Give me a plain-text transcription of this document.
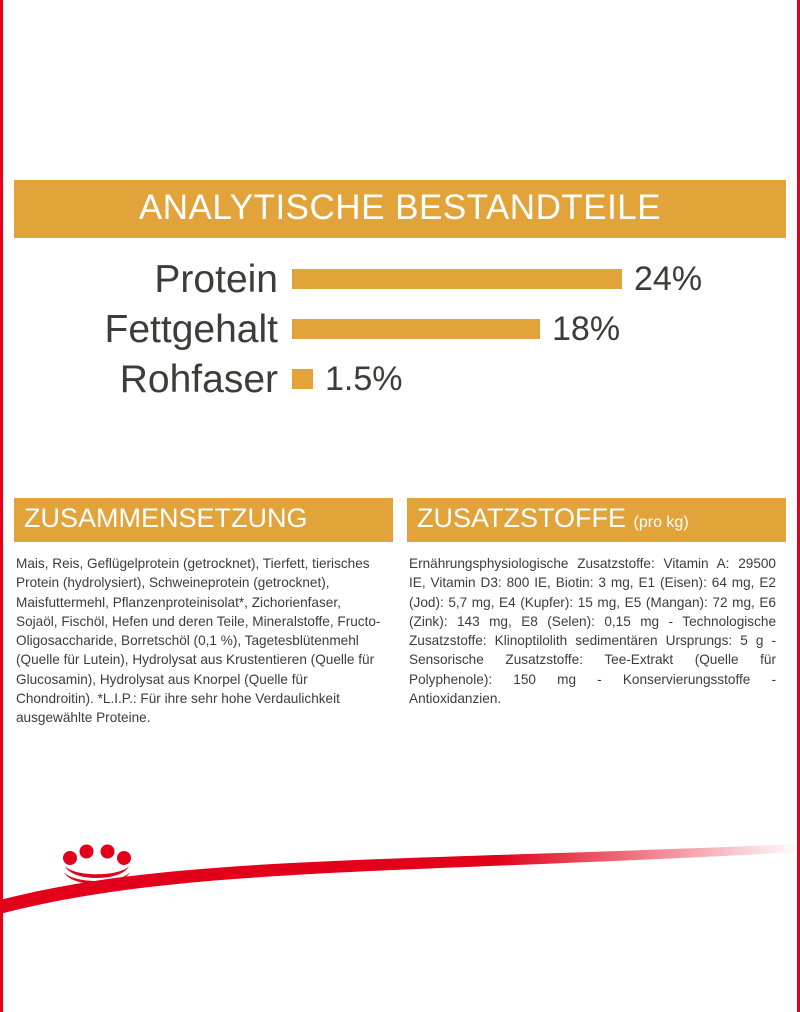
ANALYTISCHE BESTANDTEILE
Protein	24%
Fettgehalt	18%
Rohfaser	1.5%
ZUSAMMENSETZUNG
Mais, Reis, Geflügelprotein (getrocknet), Tierfett, tierisches Protein (hydrolysiert), Schweineprotein (getrocknet), Maisfuttermehl, Pflanzenproteinisolat*, Zichorienfaser, Sojaöl, Fischöl, Hefen und deren Teile, Mineralstoffe, Fructo-Oligosaccharide, Borretschöl (0,1 %), Tagetesblütenmehl (Quelle für Lutein), Hydrolysat aus Krustentieren (Quelle für Glucosamin), Hydrolysat aus Knorpel (Quelle für Chondroitin). *L.I.P.: Für ihre sehr hohe Verdaulichkeit ausgewählte Proteine.
ZUSATZSTOFFE (pro kg)
Ernährungsphysiologische Zusatzstoffe: Vitamin A: 29500 IE, Vitamin D3: 800 IE, Biotin: 3 mg, E1 (Eisen): 64 mg, E2 (Jod): 5,7 mg, E4 (Kupfer): 15 mg, E5 (Mangan): 72 mg, E6 (Zink): 143 mg, E8 (Selen): 0,15 mg - Technologische Zusatzstoffe: Klinoptilolith sedimentären Ursprungs: 5 g - Sensorische Zusatzstoffe: Tee-Extrakt (Quelle für Polyphenole): 150 mg - Konservierungsstoffe - Antioxidanzien.
